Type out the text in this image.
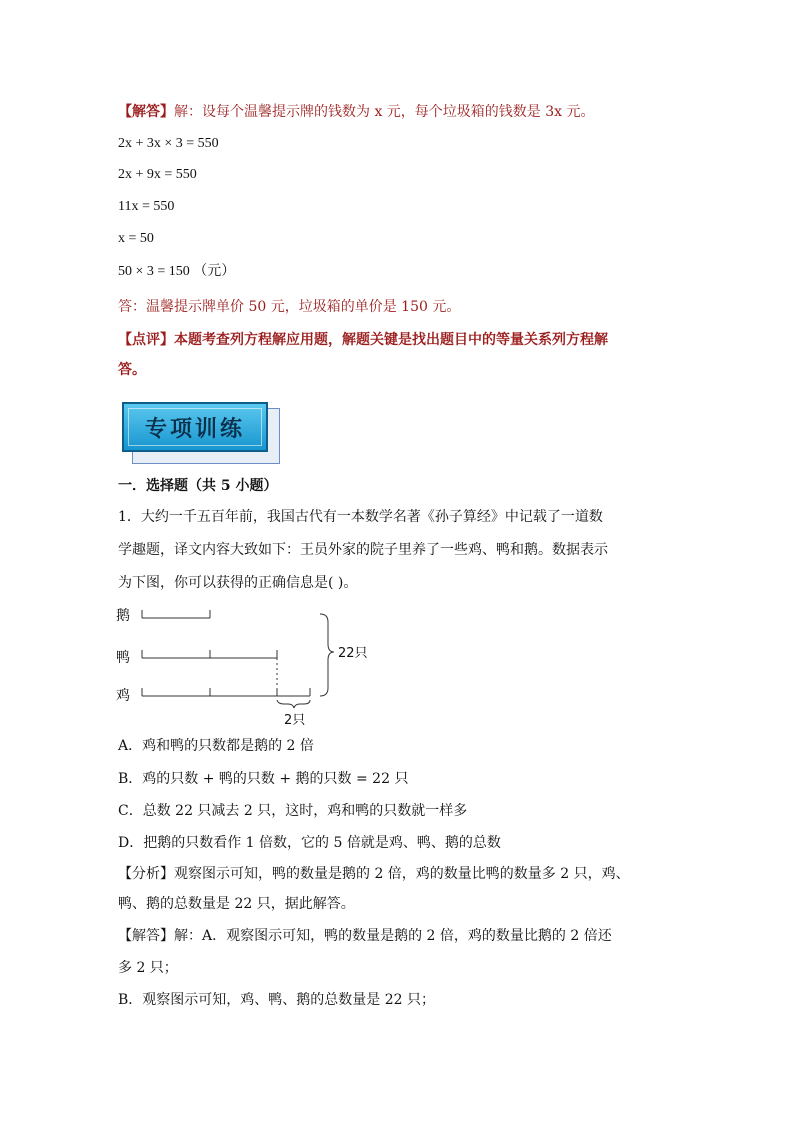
【解答】解：设每个温馨提示牌的钱数为 x 元，每个垃圾箱的钱数是 3x 元。
2x + 3x × 3 = 550
2x + 9x = 550
11x = 550
x = 50
50 × 3 = 150 （元）
答：温馨提示牌单价 50 元，垃圾箱的单价是 150 元。
【点评】本题考查列方程解应用题，解题关键是找出题目中的等量关系列方程解
答。
专项训练
一．选择题（共 5 小题）
1．大约一千五百年前，我国古代有一本数学名著《孙子算经》中记载了一道数
学趣题，译文内容大致如下：王员外家的院子里养了一些鸡、鸭和鹅。数据表示
为下图，你可以获得的正确信息是( )。
鹅
鸭
鸡
2只
22只
A．鸡和鸭的只数都是鹅的 2 倍
B．鸡的只数 + 鸭的只数 + 鹅的只数 = 22 只
C．总数 22 只减去 2 只，这时，鸡和鸭的只数就一样多
D．把鹅的只数看作 1 倍数，它的 5 倍就是鸡、鸭、鹅的总数
【分析】观察图示可知，鸭的数量是鹅的 2 倍，鸡的数量比鸭的数量多 2 只，鸡、
鸭、鹅的总数量是 22 只，据此解答。
【解答】解：A．观察图示可知，鸭的数量是鹅的 2 倍，鸡的数量比鹅的 2 倍还
多 2 只；
B．观察图示可知，鸡、鸭、鹅的总数量是 22 只；
